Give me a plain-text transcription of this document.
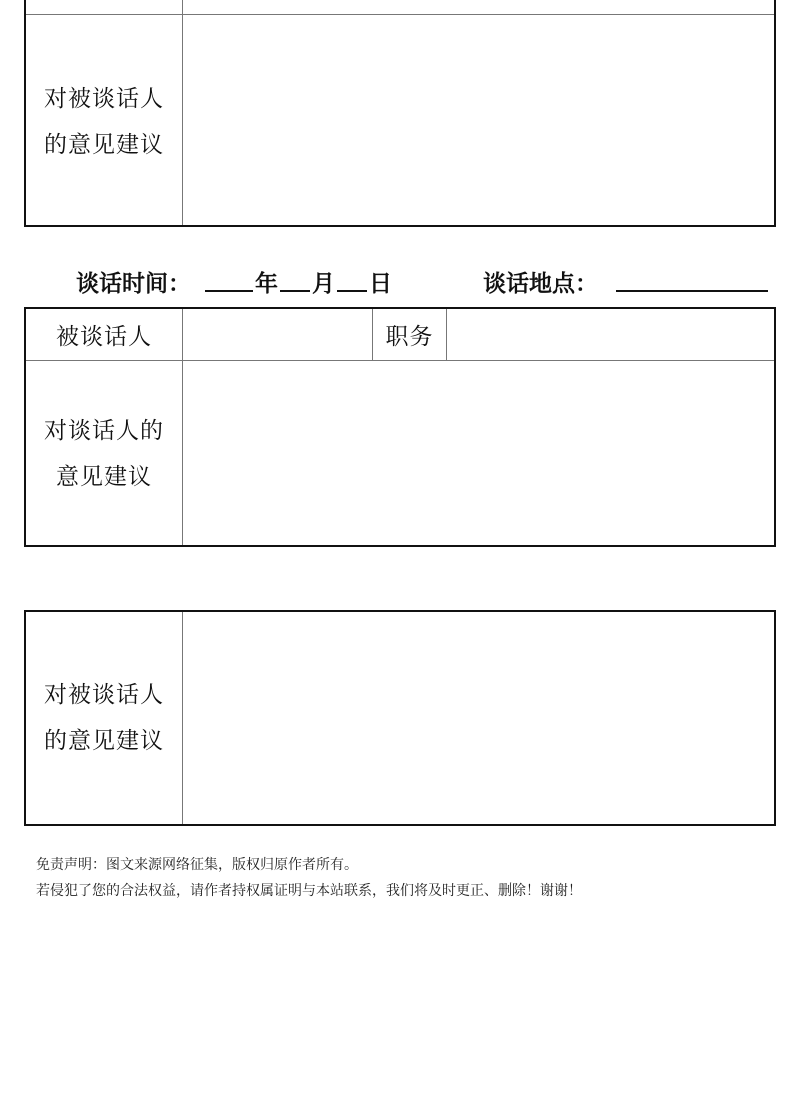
对被谈话人
的意见建议
谈话时间：	年 月 日	谈话地点：
被谈话人	职务
对谈话人的
意见建议
对被谈话人
的意见建议
免责声明：图文来源网络征集，版权归原作者所有。
若侵犯了您的合法权益，请作者持权属证明与本站联系，我们将及时更正、删除！谢谢！
